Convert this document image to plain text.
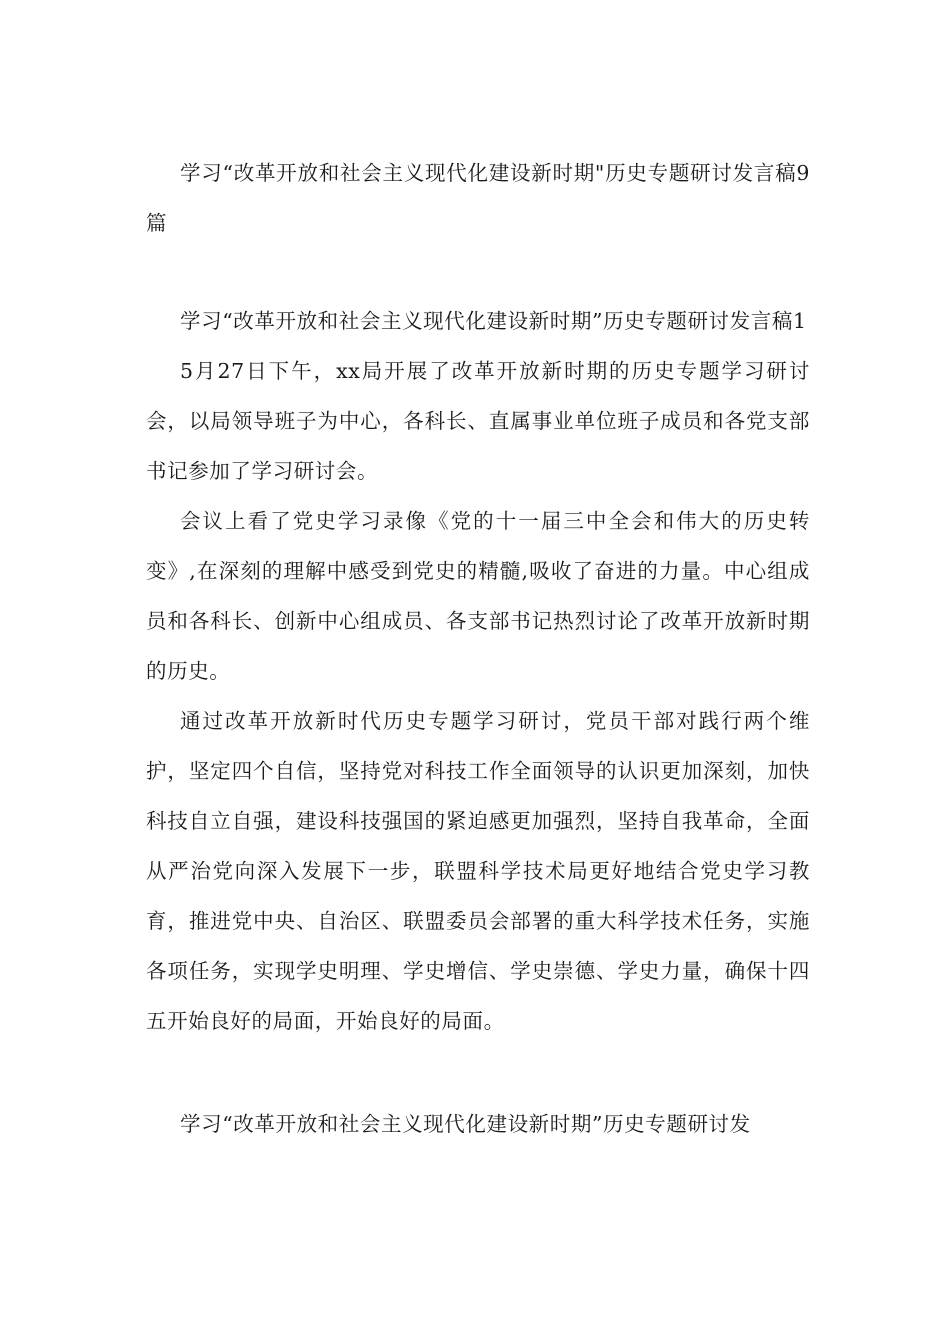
学习“改革开放和社会主义现代化建设新时期"历史专题研讨发言稿9篇

学习“改革开放和社会主义现代化建设新时期”历史专题研讨发言稿1

5月27日下午，xx局开展了改革开放新时期的历史专题学习研讨会，以局领导班子为中心，各科长、直属事业单位班子成员和各党支部书记参加了学习研讨会。

会议上看了党史学习录像《党的十一届三中全会和伟大的历史转变》,在深刻的理解中感受到党史的精髓,吸收了奋进的力量。中心组成员和各科长、创新中心组成员、各支部书记热烈讨论了改革开放新时期的历史。

通过改革开放新时代历史专题学习研讨，党员干部对践行两个维护，坚定四个自信，坚持党对科技工作全面领导的认识更加深刻，加快科技自立自强，建设科技强国的紧迫感更加强烈，坚持自我革命，全面从严治党向深入发展下一步，联盟科学技术局更好地结合党史学习教育，推进党中央、自治区、联盟委员会部署的重大科学技术任务，实施各项任务，实现学史明理、学史增信、学史崇德、学史力量，确保十四五开始良好的局面，开始良好的局面。

学习“改革开放和社会主义现代化建设新时期”历史专题研讨发
